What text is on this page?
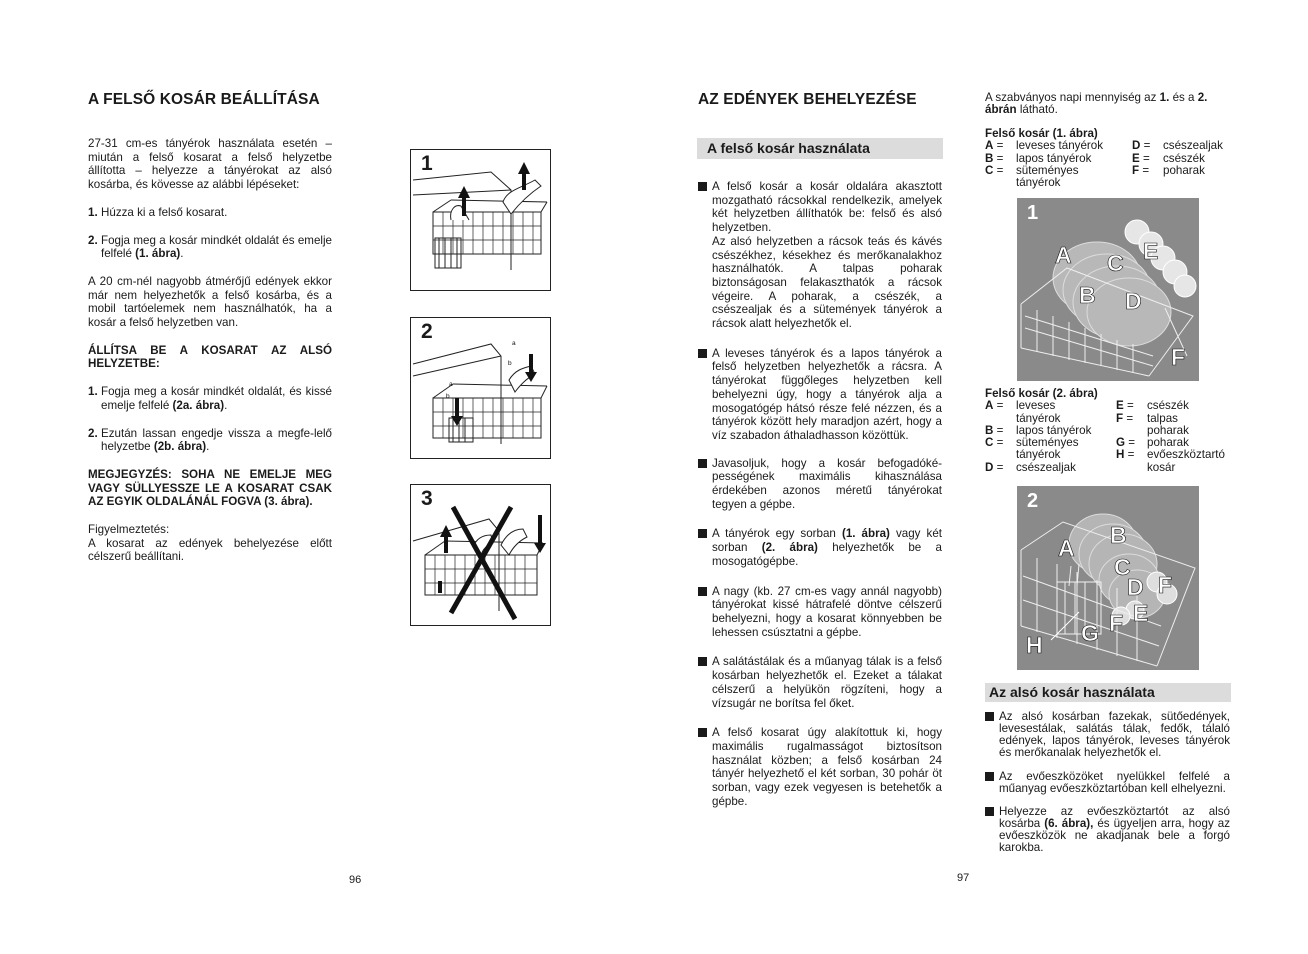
A FELSŐ KOSÁR BEÁLLÍTÁSA

27-31 cm-es tányérok használata esetén – miután a felső kosarat a felső helyzetbe állította – helyezze a tányérokat az alsó kosárba, és kövesse az alábbi lépéseket:

1. Húzza ki a felső kosarat.
2. Fogja meg a kosár mindkét oldalát és emelje felfelé (1. ábra).

A 20 cm-nél nagyobb átmérőjű edények ekkor már nem helyezhetők a felső kosárba, és a mobil tartóelemek nem használhatók, ha a kosár a felső helyzetben van.

ÁLLÍTSA BE A KOSARAT AZ ALSÓ HELYZETBE:

1. Fogja meg a kosár mindkét oldalát, és kissé emelje felfelé (2a. ábra).
2. Ezután lassan engedje vissza a megfe-lelő helyzetbe (2b. ábra).

MEGJEGYZÉS: SOHA NE EMELJE MEG VAGY SÜLLYESSZE LE A KOSARAT CSAK AZ EGYIK OLDALÁNÁL FOGVA (3. ábra).

Figyelmeztetés:
A kosarat az edények behelyezése előtt célszerű beállítani.
96
1
2
a
b
a
b
3
AZ EDÉNYEK BEHELYEZÉSE
A felső kosár használata
A felső kosár a kosár oldalára akasztott mozgatható rácsokkal rendelkezik, amelyek két helyzetben állíthatók be: felső és alsó helyzetben.
Az alsó helyzetben a rácsok teás és kávés csészékhez, késekhez és merőkanalakhoz használhatók. A talpas poharak biztonságosan felakaszthatók a rácsok végeire. A poharak, a csészék, a csészealjak és a sütemények tányérok a rácsok alatt helyezhetők el.
A leveses tányérok és a lapos tányérok a felső helyzetben helyezhetők a rácsra. A tányérokat függőleges helyzetben kell behelyezni úgy, hogy a tányérok alja a mosogatógép hátsó része felé nézzen, és a tányérok között hely maradjon azért, hogy a víz szabadon áthaladhasson közöttük.
Javasoljuk, hogy a kosár befogadóké-pességének maximális kihasználása érdekében azonos méretű tányérokat tegyen a gépbe.
A tányérok egy sorban (1. ábra) vagy két sorban (2. ábra) helyezhetők be a mosogatógépbe.
A nagy (kb. 27 cm-es vagy annál nagyobb) tányérokat kissé hátrafelé döntve célszerű behelyezni, hogy a kosarat könnyebben be lehessen csúsztatni a gépbe.
A salátástálak és a műanyag tálak is a felső kosárban helyezhetők el. Ezeket a tálakat célszerű a helyükön rögzíteni, hogy a vízsugár ne borítsa fel őket.
A felső kosarat úgy alakítottuk ki, hogy maximális rugalmasságot biztosítson használat közben; a felső kosárban 24 tányér helyezhető el két sorban, 30 pohár öt sorban, vagy ezek vegyesen is betehetők a gépbe.
97
A szabványos napi mennyiség az 1. és a 2. ábrán látható.
Felső kosár (1. ábra)
A =	leveses tányérok
B =	lapos tányérok
C =	süteményes tányérok
D =	csészealjak
E =	csészék
F =	poharak
1
A C E
B D
F
Felső kosár (2. ábra)
A =	leveses tányérok
B =	lapos tányérok
C =	süteményes tányérok
D =	csészealjak
E =	csészék
F =	talpas poharak
G =	poharak
H =	evőeszköztartó kosár
2
B
A
C
D F
F E
G
H
Az alsó kosár használata
Az alsó kosárban fazekak, sütőedények, levesestálak, salátás tálak, fedők, tálaló edények, lapos tányérok, leveses tányérok és merőkanalak helyezhetők el.
Az evőeszközöket nyelükkel felfelé a műanyag evőeszköztartóban kell elhelyezni.
Helyezze az evőeszköztartót az alsó kosárba (6. ábra), és ügyeljen arra, hogy az evőeszközök ne akadjanak bele a forgó karokba.
